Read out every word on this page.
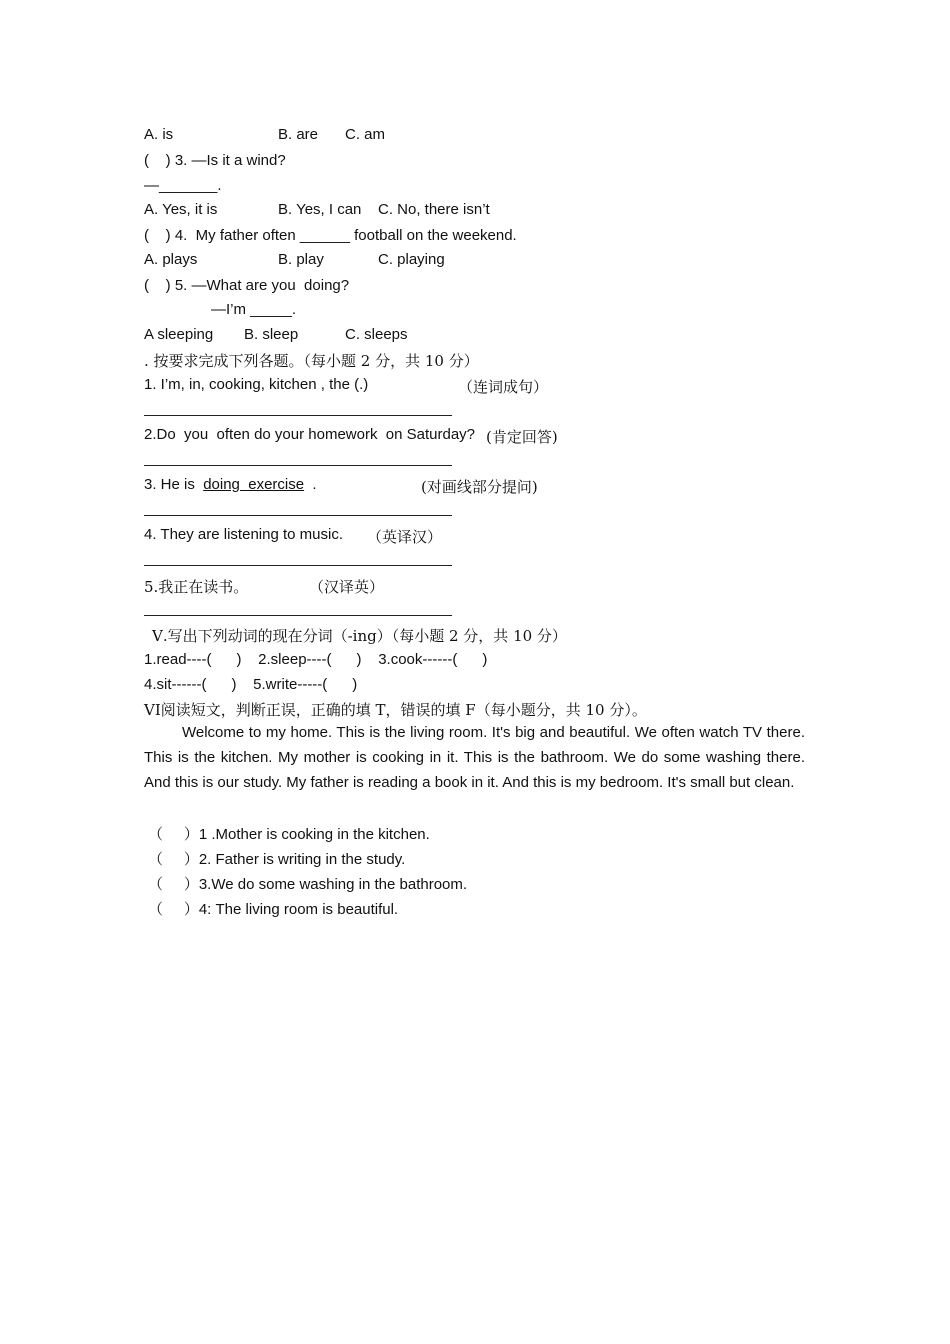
A. is	B. are C. am
(    ) 3. —Is it a wind?
—_______.
A. Yes, it is	B. Yes, I can C. No, there isn’t
(    ) 4.  My father often ______ football on the weekend.
A. plays	B. play	C. playing
(    ) 5. —What are you  doing?
—I’m _____.
A sleeping B. sleep	C. sleeps
. 按要求完成下列各题。（每小题 2 分，共 10 分）
1. I’m, in, cooking, kitchen , the (.)	（连词成句）
2.Do  you  often do your homework  on Saturday? (肯定回答)
3. He is  doing  exercise  .	(对画线部分提问)
4. They are listening to music. （英译汉）
5.我正在读书。	（汉译英）
Ⅴ.写出下列动词的现在分词（-ing）（每小题 2 分，共 10 分）
1.read----(      )    2.sleep----(      )    3.cook------(      )
4.sit------(      )    5.write-----(      )
VI阅读短文，判断正误，正确的填 T，错误的填 F（每小题分，共 10 分）。
Welcome to my home. This is the living room. It's big and beautiful. We often watch TV there. This is the kitchen. My mother is cooking in it. This is the bathroom. We do some washing there. And this is our study. My father is reading a book in it. And this is my bedroom. It's small but clean.
（     ）1 .Mother is cooking in the kitchen.
（     ）2. Father is writing in the study.
（     ）3.We do some washing in the bathroom.
（     ）4: The living room is beautiful.
